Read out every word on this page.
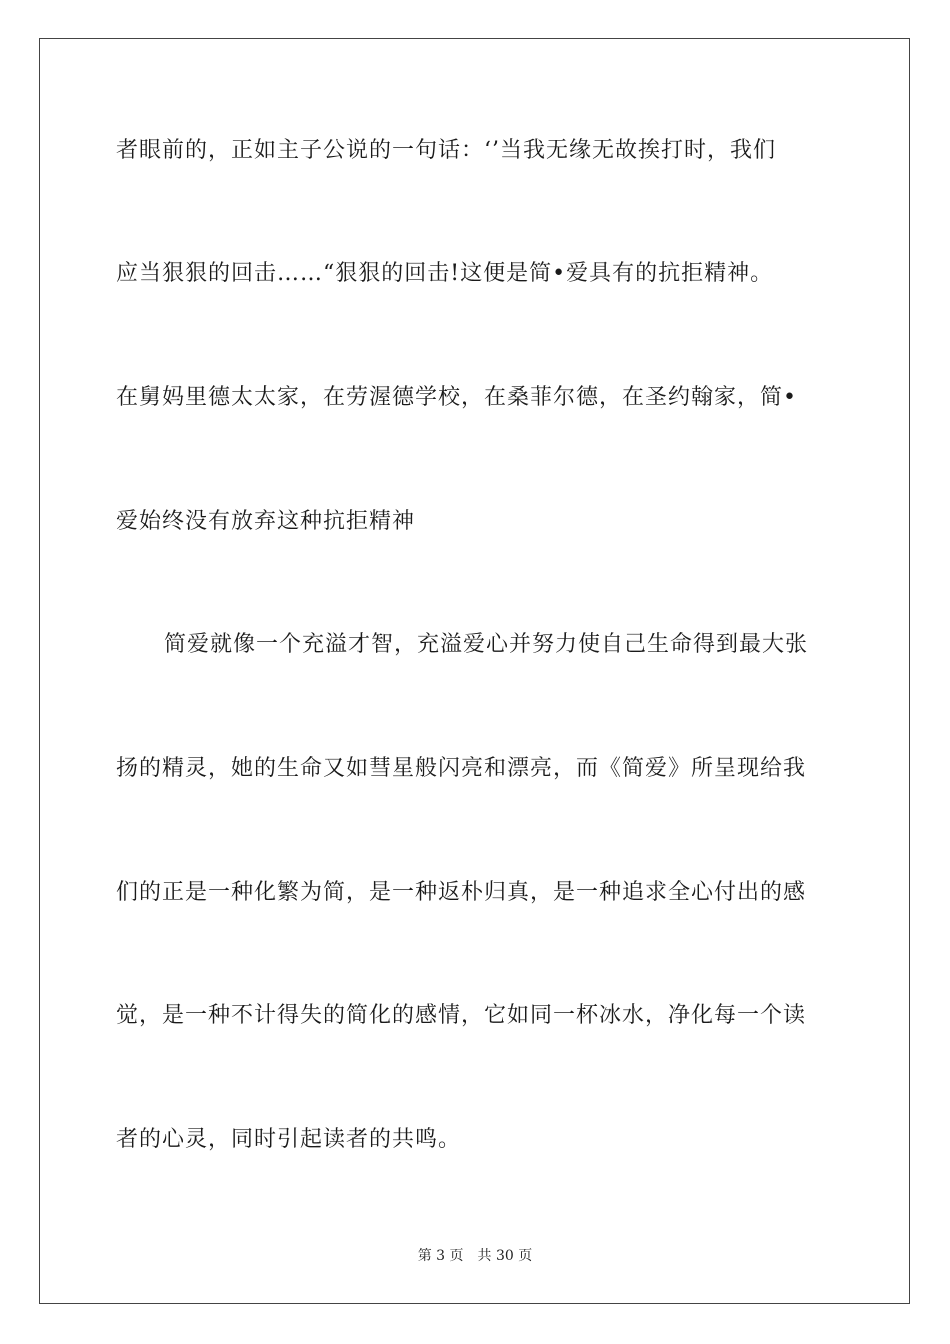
者眼前的，正如主子公说的一句话：‘’当我无缘无故挨打时，我们
应当狠狠的回击……“狠狠的回击!这便是简•爱具有的抗拒精神。
在舅妈里德太太家，在劳渥德学校，在桑菲尔德，在圣约翰家，简•
爱始终没有放弃这种抗拒精神
简爱就像一个充溢才智，充溢爱心并努力使自己生命得到最大张
扬的精灵，她的生命又如彗星般闪亮和漂亮，而《简爱》所呈现给我
们的正是一种化繁为简，是一种返朴归真，是一种追求全心付出的感
觉，是一种不计得失的简化的感情，它如同一杯冰水，净化每一个读
者的心灵，同时引起读者的共鸣。
第 3 页 共 30 页
